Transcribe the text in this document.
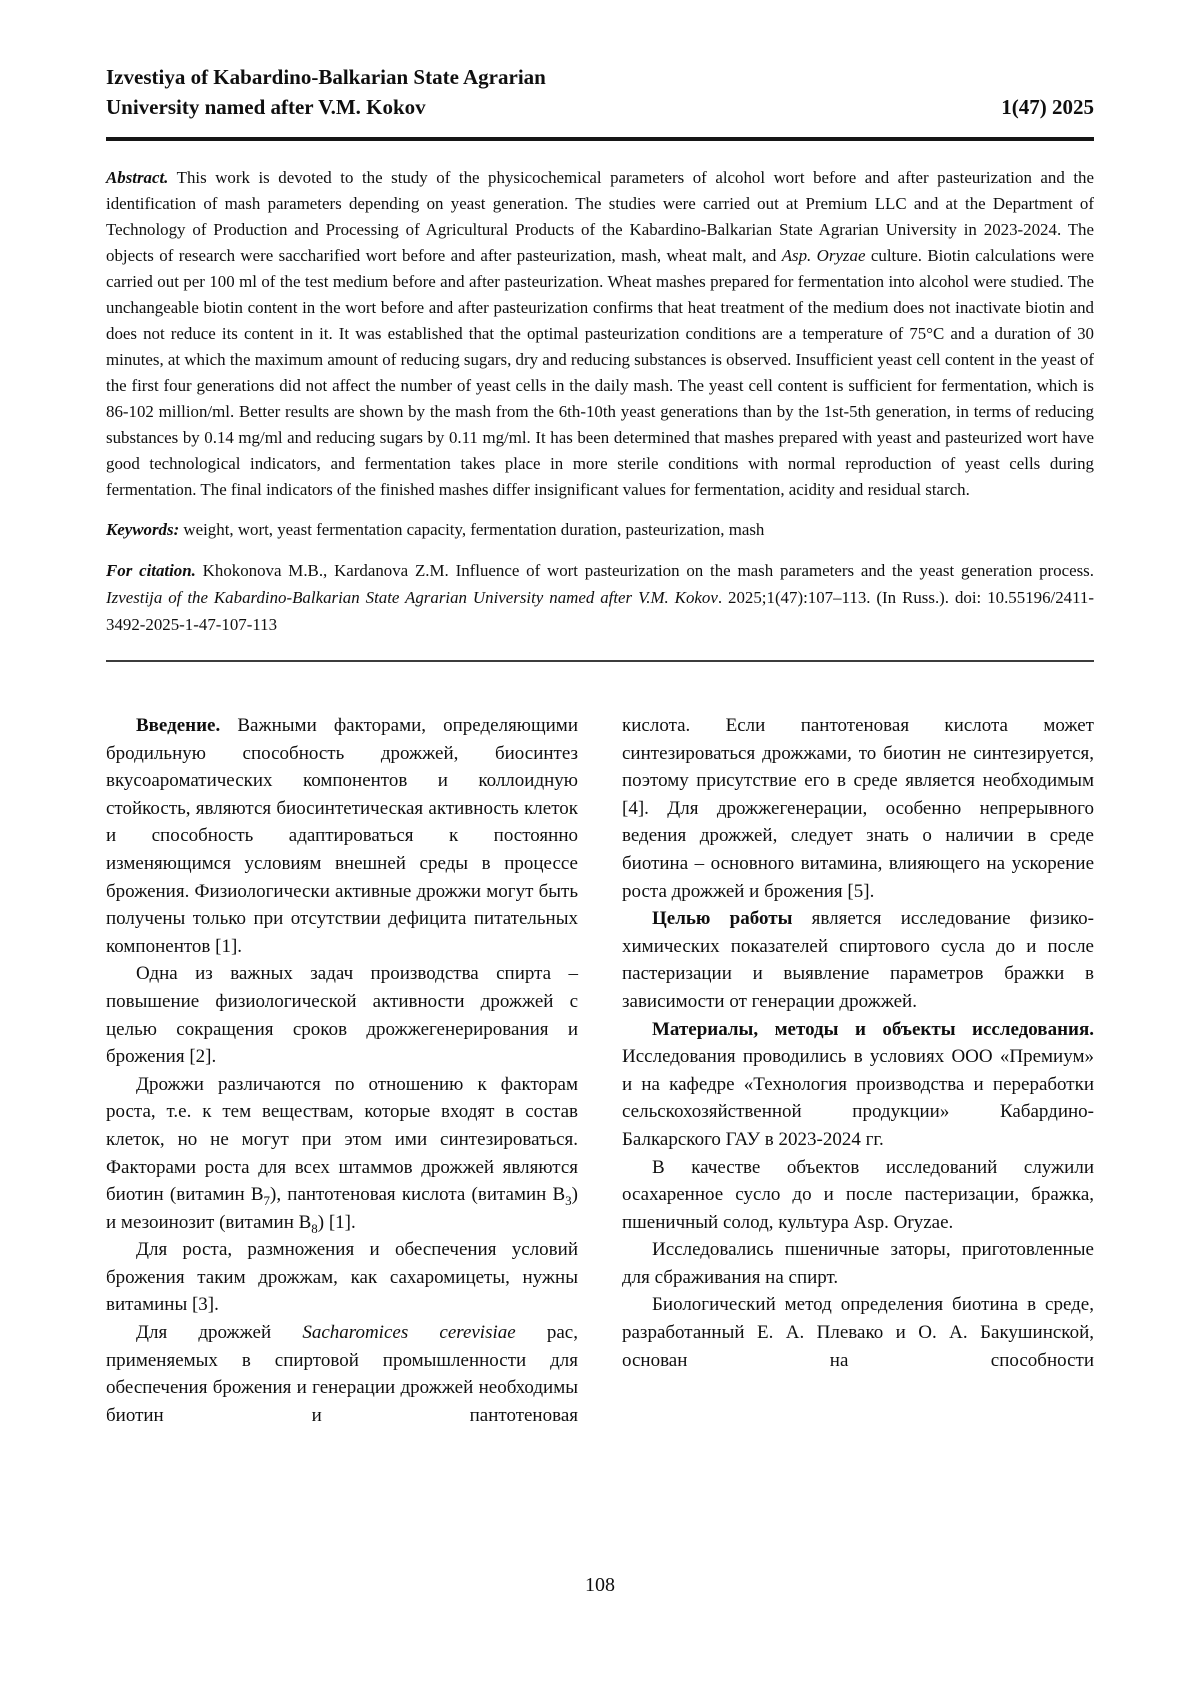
Izvestiya of Kabardino-Balkarian State Agrarian
University named after V.M. Kokov	1(47) 2025

Abstract. This work is devoted to the study of the physicochemical parameters of alcohol wort before and after pasteurization and the identification of mash parameters depending on yeast generation. The studies were carried out at Premium LLC and at the Department of Technology of Production and Processing of Agricultural Products of the Kabardino-Balkarian State Agrarian University in 2023-2024. The objects of research were saccharified wort before and after pasteurization, mash, wheat malt, and Asp. Oryzae culture. Biotin calculations were carried out per 100 ml of the test medium before and after pasteurization. Wheat mashes prepared for fermentation into alcohol were studied. The unchangeable biotin content in the wort before and after pasteurization confirms that heat treatment of the medium does not inactivate biotin and does not reduce its content in it. It was established that the optimal pasteurization conditions are a temperature of 75°C and a duration of 30 minutes, at which the maximum amount of reducing sugars, dry and reducing substances is observed. Insufficient yeast cell content in the yeast of the first four generations did not affect the number of yeast cells in the daily mash. The yeast cell content is sufficient for fermentation, which is 86-102 million/ml. Better results are shown by the mash from the 6th-10th yeast generations than by the 1st-5th generation, in terms of reducing substances by 0.14 mg/ml and reducing sugars by 0.11 mg/ml. It has been determined that mashes prepared with yeast and pasteurized wort have good technological indicators, and fermentation takes place in more sterile conditions with normal reproduction of yeast cells during fermentation. The final indicators of the finished mashes differ insignificant values for fermentation, acidity and residual starch.

Keywords: weight, wort, yeast fermentation capacity, fermentation duration, pasteurization, mash

For citation. Khokonova M.B., Kardanova Z.M. Influence of wort pasteurization on the mash parameters and the yeast generation process. Izvestija of the Kabardino-Balkarian State Agrarian University named after V.M. Kokov. 2025;1(47):107–113. (In Russ.). doi: 10.55196/2411-3492-2025-1-47-107-113

Введение. Важными факторами, определяющими бродильную способность дрожжей, биосинтез вкусоароматических компонентов и коллоидную стойкость, являются биосинтетическая активность клеток и способность адаптироваться к постоянно изменяющимся условиям внешней среды в процессе брожения. Физиологически активные дрожжи могут быть получены только при отсутствии дефицита питательных компонентов [1].

Одна из важных задач производства спирта – повышение физиологической активности дрожжей с целью сокращения сроков дрожжегенерирования и брожения [2].

Дрожжи различаются по отношению к факторам роста, т.е. к тем веществам, которые входят в состав клеток, но не могут при этом ими синтезироваться. Факторами роста для всех штаммов дрожжей являются биотин (витамин $В_7$), пантотеновая кислота (витамин $В_3$) и мезоинозит (витамин $В_8$) [1].

Для роста, размножения и обеспечения условий брожения таким дрожжам, как сахаромицеты, нужны витамины [3].

Для дрожжей Sacharomices cerevisiae рас, применяемых в спиртовой промышленности для обеспечения брожения и генерации дрожжей необходимы биотин и пантотеновая

кислота. Если пантотеновая кислота может синтезироваться дрожжами, то биотин не синтезируется, поэтому присутствие его в среде является необходимым [4]. Для дрожжегенерации, особенно непрерывного ведения дрожжей, следует знать о наличии в среде биотина – основного витамина, влияющего на ускорение роста дрожжей и брожения [5].

Целью работы является исследование физико-химических показателей спиртового сусла до и после пастеризации и выявление параметров бражки в зависимости от генерации дрожжей.

Материалы, методы и объекты исследования. Исследования проводились в условиях ООО «Премиум» и на кафедре «Технология производства и переработки сельскохозяйственной продукции» Кабардино-Балкарского ГАУ в 2023-2024 гг.

В качестве объектов исследований служили осахаренное сусло до и после пастеризации, бражка, пшеничный солод, культура Asp. Oryzae.

Исследовались пшеничные заторы, приготовленные для сбраживания на спирт.

Биологический метод определения биотина в среде, разработанный Е. А. Плевако и О. А. Бакушинской, основан на способности

108
